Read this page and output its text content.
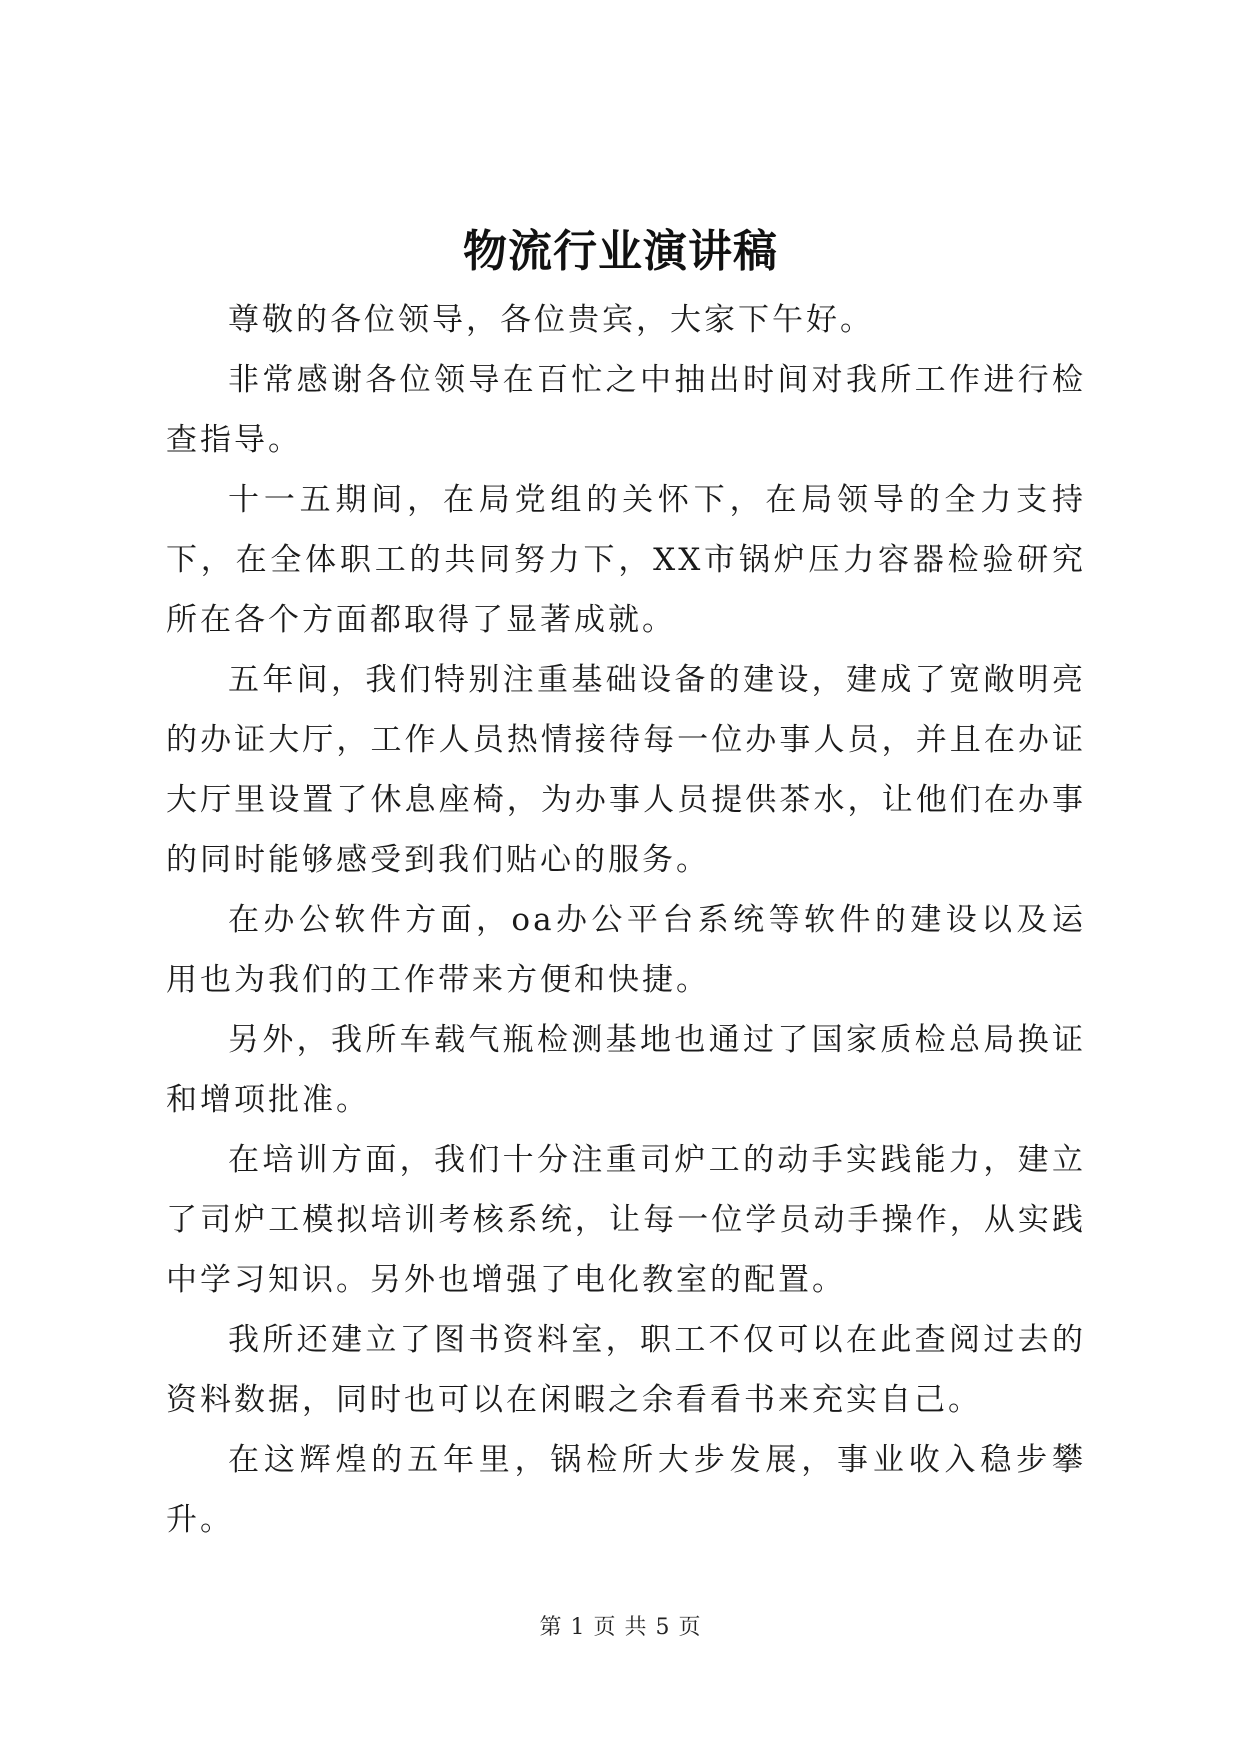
物流行业演讲稿

尊敬的各位领导，各位贵宾，大家下午好。

非常感谢各位领导在百忙之中抽出时间对我所工作进行检查指导。

十一五期间，在局党组的关怀下，在局领导的全力支持下，在全体职工的共同努力下，XX市锅炉压力容器检验研究所在各个方面都取得了显著成就。

五年间，我们特别注重基础设备的建设，建成了宽敞明亮的办证大厅，工作人员热情接待每一位办事人员，并且在办证大厅里设置了休息座椅，为办事人员提供茶水，让他们在办事的同时能够感受到我们贴心的服务。

在办公软件方面，oa办公平台系统等软件的建设以及运用也为我们的工作带来方便和快捷。

另外，我所车载气瓶检测基地也通过了国家质检总局换证和增项批准。

在培训方面，我们十分注重司炉工的动手实践能力，建立了司炉工模拟培训考核系统，让每一位学员动手操作，从实践中学习知识。另外也增强了电化教室的配置。

我所还建立了图书资料室，职工不仅可以在此查阅过去的资料数据，同时也可以在闲暇之余看看书来充实自己。

在这辉煌的五年里，锅检所大步发展，事业收入稳步攀升。

第 1 页 共 5 页
